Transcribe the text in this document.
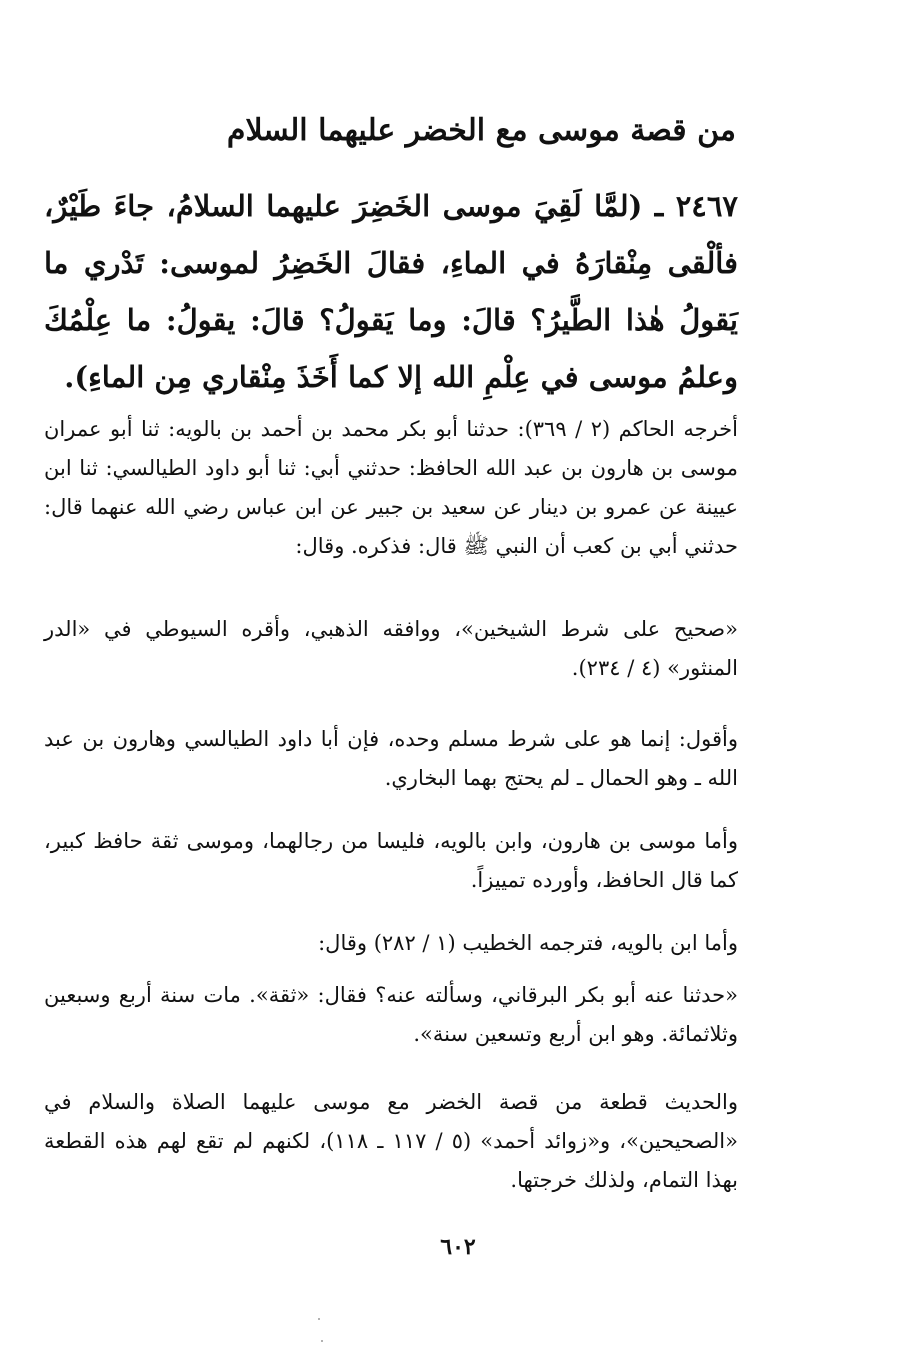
من قصة موسى مع الخضر عليهما السلام
٢٤٦٧ ـ (لمَّا لَقِيَ موسى الخَضِرَ عليهما السلامُ، جاءَ طَيْرٌ، فألْقى مِنْقارَهُ في الماءِ، فقالَ الخَضِرُ لموسى: تَدْري ما يَقولُ هٰذا الطَّيرُ؟ قالَ: وما يَقولُ؟ قالَ: يقولُ: ما عِلْمُكَ وعلمُ موسى في عِلْمِ الله إلا كما أَخَذَ مِنْقاري مِن الماءِ).
أخرجه الحاكم (٢ / ٣٦٩): حدثنا أبو بكر محمد بن أحمد بن بالويه: ثنا أبو عمران موسى بن هارون بن عبد الله الحافظ: حدثني أبي: ثنا أبو داود الطيالسي: ثنا ابن عيينة عن عمرو بن دينار عن سعيد بن جبير عن ابن عباس رضي الله عنهما قال: حدثني أبي بن كعب أن النبي ﷺ قال: فذكره. وقال:
«صحيح على شرط الشيخين»، ووافقه الذهبي، وأقره السيوطي في «الدر المنثور» (٤ / ٢٣٤).
وأقول: إنما هو على شرط مسلم وحده، فإن أبا داود الطيالسي وهارون بن عبد الله ـ وهو الحمال ـ لم يحتج بهما البخاري.
وأما موسى بن هارون، وابن بالويه، فليسا من رجالهما، وموسى ثقة حافظ كبير، كما قال الحافظ، وأورده تمييزاً.
وأما ابن بالويه، فترجمه الخطيب (١ / ٢٨٢) وقال:
«حدثنا عنه أبو بكر البرقاني، وسألته عنه؟ فقال: «ثقة». مات سنة أربع وسبعين وثلاثمائة. وهو ابن أربع وتسعين سنة».
والحديث قطعة من قصة الخضر مع موسى عليهما الصلاة والسلام في «الصحيحين»، و«زوائد أحمد» (٥ / ١١٧ ـ ١١٨)، لكنهم لم تقع لهم هذه القطعة بهذا التمام، ولذلك خرجتها.
٦٠٢
